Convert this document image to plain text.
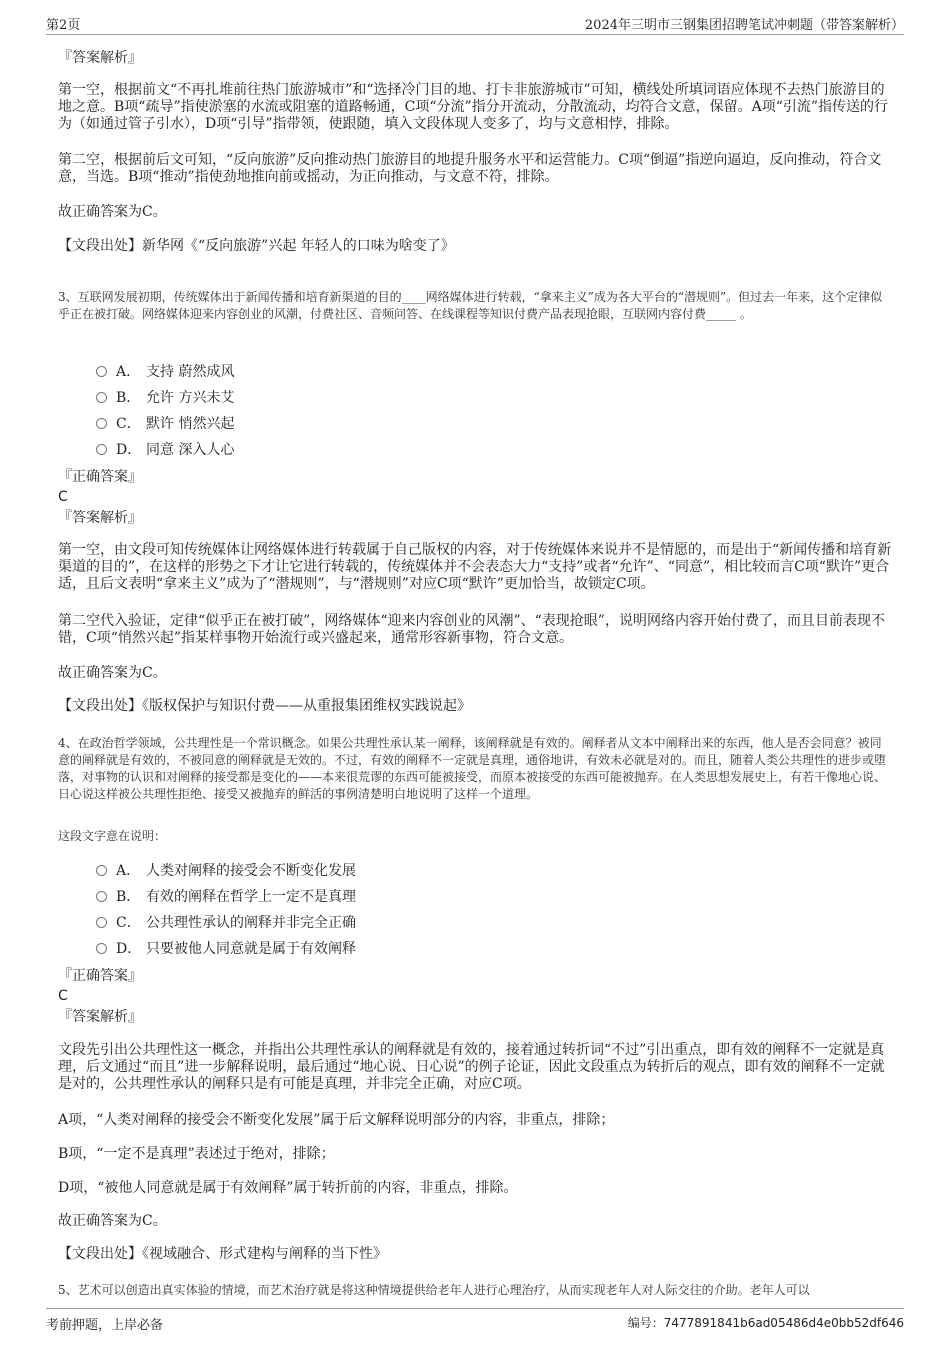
第2页	2024年三明市三钢集团招聘笔试冲刺题（带答案解析）

『答案解析』

第一空，根据前文“不再扎堆前往热门旅游城市”和“选择冷门目的地、打卡非旅游城市”可知，横线处所填词语应体现不去热门旅游目的地之意。B项“疏导”指使淤塞的水流或阻塞的道路畅通，C项“分流”指分开流动，分散流动，均符合文意，保留。A项“引流”指传送的行为（如通过管子引水），D项“引导”指带领，使跟随，填入文段体现人变多了，均与文意相悖，排除。

第二空，根据前后文可知，“反向旅游”反向推动热门旅游目的地提升服务水平和运营能力。C项“倒逼”指逆向逼迫，反向推动，符合文意，当选。B项“推动”指使劲地推向前或摇动，为正向推动，与文意不符，排除。

故正确答案为C。

【文段出处】新华网《“反向旅游”兴起 年轻人的口味为啥变了》

3、互联网发展初期，传统媒体出于新闻传播和培育新渠道的目的____网络媒体进行转载，“拿来主义”成为各大平台的“潜规则”。但过去一年来，这个定律似乎正在被打破。网络媒体迎来内容创业的风潮，付费社区、音频问答、在线课程等知识付费产品表现抢眼，互联网内容付费_____ 。

A． 支持 蔚然成风
B． 允许 方兴未艾
C． 默许 悄然兴起
D． 同意 深入人心

『正确答案』

C

『答案解析』

第一空，由文段可知传统媒体让网络媒体进行转载属于自己版权的内容，对于传统媒体来说并不是情愿的，而是出于“新闻传播和培育新渠道的目的”，在这样的形势之下才让它进行转载的，传统媒体并不会表态大力“支持”或者“允许”、“同意”，相比较而言C项“默许”更合适，且后文表明“拿来主义”成为了“潜规则”，与“潜规则”对应C项“默许”更加恰当，故锁定C项。

第二空代入验证，定律“似乎正在被打破”，网络媒体“迎来内容创业的风潮”、“表现抢眼”，说明网络内容开始付费了，而且目前表现不错，C项“悄然兴起”指某样事物开始流行或兴盛起来，通常形容新事物，符合文意。

故正确答案为C。

【文段出处】《版权保护与知识付费——从重报集团维权实践说起》

4、在政治哲学领域，公共理性是一个常识概念。如果公共理性承认某一阐释，该阐释就是有效的。阐释者从文本中阐释出来的东西，他人是否会同意？被同意的阐释就是有效的，不被同意的阐释就是无效的。不过，有效的阐释不一定就是真理，通俗地讲，有效未必就是对的。而且，随着人类公共理性的进步或堕落，对事物的认识和对阐释的接受都是变化的——本来很荒谬的东西可能被接受，而原本被接受的东西可能被抛弃。在人类思想发展史上，有若干像地心说、日心说这样被公共理性拒绝、接受又被抛弃的鲜活的事例清楚明白地说明了这样一个道理。

这段文字意在说明：

A． 人类对阐释的接受会不断变化发展
B． 有效的阐释在哲学上一定不是真理
C． 公共理性承认的阐释并非完全正确
D． 只要被他人同意就是属于有效阐释

『正确答案』

C

『答案解析』

文段先引出公共理性这一概念，并指出公共理性承认的阐释就是有效的，接着通过转折词“不过”引出重点，即有效的阐释不一定就是真理，后文通过“而且”进一步解释说明，最后通过“地心说、日心说”的例子论证，因此文段重点为转折后的观点，即有效的阐释不一定就是对的，公共理性承认的阐释只是有可能是真理，并非完全正确，对应C项。

A项，“人类对阐释的接受会不断变化发展”属于后文解释说明部分的内容，非重点，排除；

B项，“一定不是真理”表述过于绝对，排除；

D项，“被他人同意就是属于有效阐释”属于转折前的内容，非重点，排除。

故正确答案为C。

【文段出处】《视域融合、形式建构与阐释的当下性》

5、艺术可以创造出真实体验的情境，而艺术治疗就是将这种情境提供给老年人进行心理治疗，从而实现老年人对人际交往的介助。老年人可以

考前押题，上岸必备	编号：7477891841b6ad05486d4e0bb52df646
